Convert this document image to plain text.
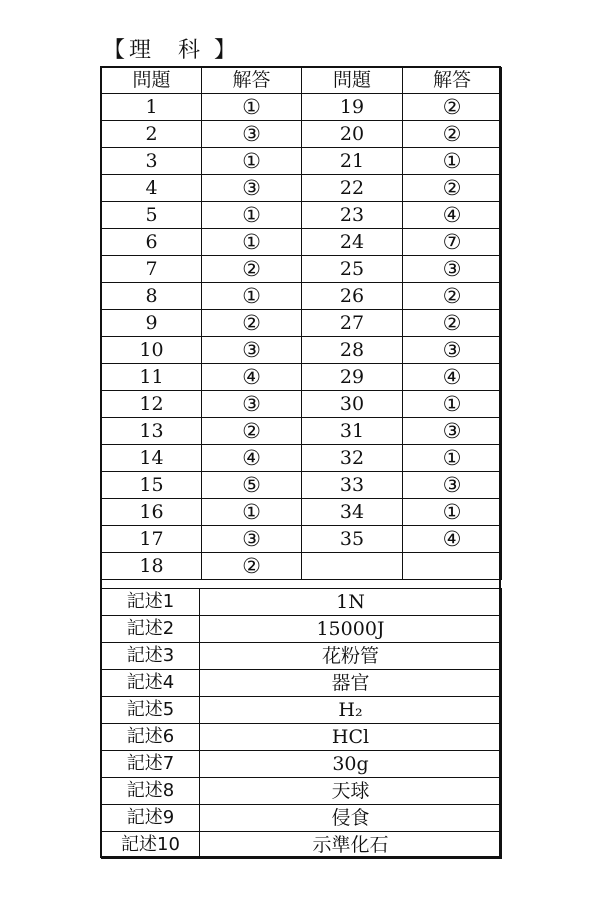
【 理 科 】
問題	解答	問題	解答
1	①	19	②
2	③	20	②
3	①	21	①
4	③	22	②
5	①	23	④
6	①	24	⑦
7	②	25	③
8	①	26	②
9	②	27	②
10	③	28	③
11	④	29	④
12	③	30	①
13	②	31	③
14	④	32	①
15	⑤	33	③
16	①	34	①
17	③	35	④
18	②		
記述1	1N
記述2	15000J
記述3	花粉管
記述4	器官
記述5	H₂
記述6	HCl
記述7	30g
記述8	天球
記述9	侵食
記述10	示準化石
